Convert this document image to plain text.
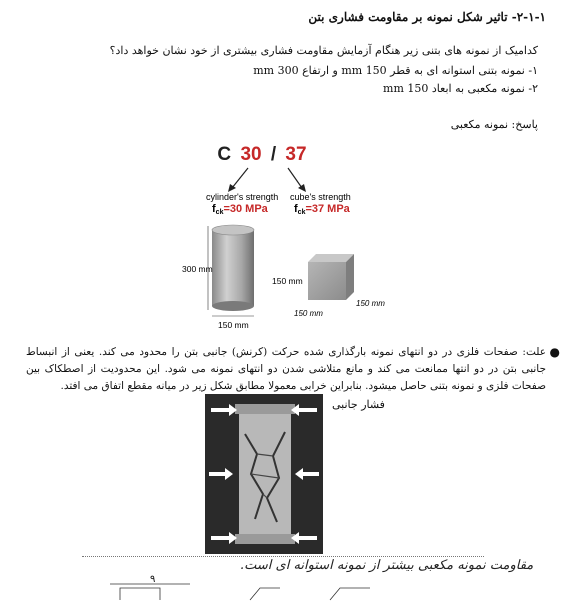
۲-۱-۱- تاثیر شکل نمونه بر مقاومت فشاری بتن
کدامیک از نمونه های بتنی زیر هنگام آزمایش مقاومت فشاری بیشتری از خود نشان خواهد داد؟
۱- نمونه بتنی استوانه ای به قطر 150 mm و ارتفاع 300 mm
۲- نمونه مکعبی به ابعاد 150 mm
پاسخ: نمونه مکعبی
C 30 / 37
cylinder's strength cube's strength
fck=30 MPa fck=37 MPa
300 mm
150 mm
150 mm
150 mm
150 mm
●
علت: صفحات فلزی در دو انتهای نمونه بارگذاری شده حرکت (کرنش) جانبی بتن را محدود می کند. یعنی از انبساط جانبی بتن در دو انتها ممانعت می کند و مانع متلاشی شدن دو انتهای نمونه می شود. این محدودیت از اصطکاک بین صفحات فلزی و نمونه بتنی حاصل میشود. بنابراین خرابی معمولا مطابق شکل زیر در میانه مقطع اتفاق می افتد.
فشار جانبی
مقاومت نمونه مکعبی بیشتر از نمونه استوانه ای است.
۹
